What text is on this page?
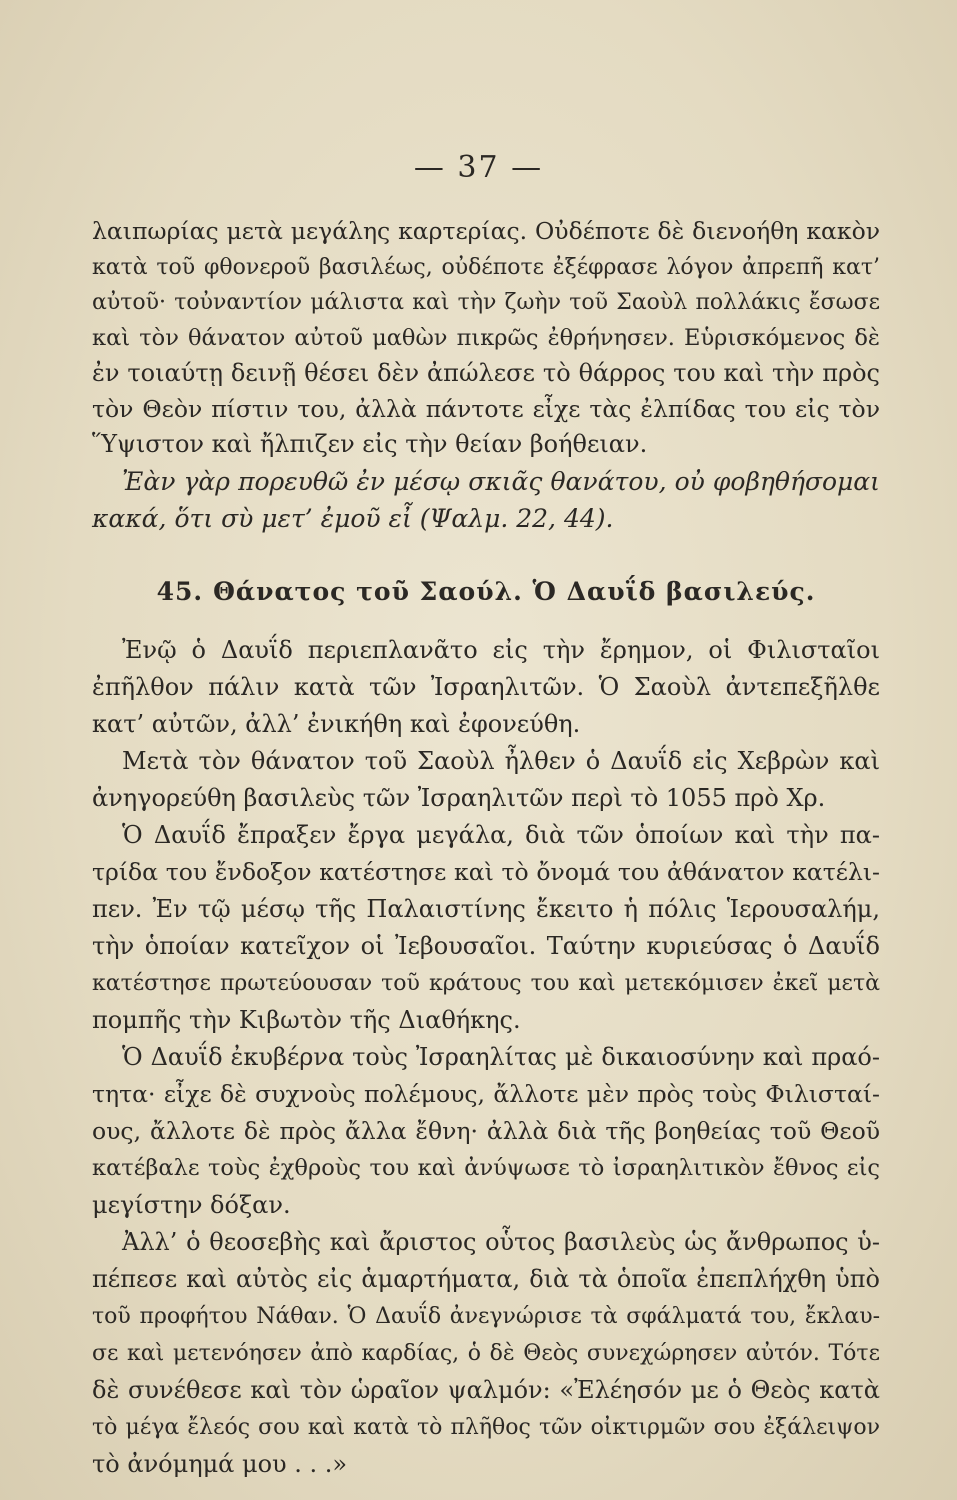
— 37 —

λαιπωρίας μετὰ μεγάλης καρτερίας. Οὐδέποτε δὲ διενοήθη κακὸν
κατὰ τοῦ φθονεροῦ βασιλέως, οὐδέποτε ἐξέφρασε λόγον ἀπρεπῆ κατ’
αὐτοῦ· τοὐναντίον μάλιστα καὶ τὴν ζωὴν τοῦ Σαοὺλ πολλάκις ἔσωσε
καὶ τὸν θάνατον αὐτοῦ μαθὼν πικρῶς ἐθρήνησεν. Εὑρισκόμενος δὲ
ἐν τοιαύτῃ δεινῇ θέσει δὲν ἀπώλεσε τὸ θάρρος του καὶ τὴν πρὸς
τὸν Θεὸν πίστιν του, ἀλλὰ πάντοτε εἶχε τὰς ἐλπίδας του εἰς τὸν
Ὕψιστον καὶ ἤλπιζεν εἰς τὴν θείαν βοήθειαν.

Ἐὰν γὰρ πορευθῶ ἐν μέσῳ σκιᾶς θανάτου, οὐ φοβηθήσομαι
κακά, ὅτι σὺ μετ’ ἐμοῦ εἶ (Ψαλμ. 22, 44).

45. Θάνατος τοῦ Σαούλ. Ὁ Δαυΐδ βασιλεύς.

Ἐνῷ ὁ Δαυΐδ περιεπλανᾶτο εἰς τὴν ἔρημον, οἱ Φιλισταῖοι
ἐπῆλθον πάλιν κατὰ τῶν Ἰσραηλιτῶν. Ὁ Σαοὺλ ἀντεπεξῆλθε
κατ’ αὐτῶν, ἀλλ’ ἐνικήθη καὶ ἐφονεύθη.

Μετὰ τὸν θάνατον τοῦ Σαοὺλ ἦλθεν ὁ Δαυΐδ εἰς Χεβρὼν καὶ
ἀνηγορεύθη βασιλεὺς τῶν Ἰσραηλιτῶν περὶ τὸ 1055 πρὸ Χρ.

Ὁ Δαυΐδ ἔπραξεν ἔργα μεγάλα, διὰ τῶν ὁποίων καὶ τὴν πα-
τρίδα του ἔνδοξον κατέστησε καὶ τὸ ὄνομά του ἀθάνατον κατέλι-
πεν. Ἐν τῷ μέσῳ τῆς Παλαιστίνης ἔκειτο ἡ πόλις Ἱερουσαλήμ,
τὴν ὁποίαν κατεῖχον οἱ Ἰεβουσαῖοι. Ταύτην κυριεύσας ὁ Δαυΐδ
κατέστησε πρωτεύουσαν τοῦ κράτους του καὶ μετεκόμισεν ἐκεῖ μετὰ
πομπῆς τὴν Κιβωτὸν τῆς Διαθήκης.

Ὁ Δαυΐδ ἐκυβέρνα τοὺς Ἰσραηλίτας μὲ δικαιοσύνην καὶ πραό-
τητα· εἶχε δὲ συχνοὺς πολέμους, ἄλλοτε μὲν πρὸς τοὺς Φιλισταί-
ους, ἄλλοτε δὲ πρὸς ἄλλα ἔθνη· ἀλλὰ διὰ τῆς βοηθείας τοῦ Θεοῦ
κατέβαλε τοὺς ἐχθροὺς του καὶ ἀνύψωσε τὸ ἰσραηλιτικὸν ἔθνος εἰς
μεγίστην δόξαν.

Ἀλλ’ ὁ θεοσεβὴς καὶ ἄριστος οὗτος βασιλεὺς ὡς ἄνθρωπος ὑ-
πέπεσε καὶ αὐτὸς εἰς ἁμαρτήματα, διὰ τὰ ὁποῖα ἐπεπλήχθη ὑπὸ
τοῦ προφήτου Νάθαν. Ὁ Δαυΐδ ἀνεγνώρισε τὰ σφάλματά του, ἔκλαυ-
σε καὶ μετενόησεν ἀπὸ καρδίας, ὁ δὲ Θεὸς συνεχώρησεν αὐτόν. Τότε
δὲ συνέθεσε καὶ τὸν ὡραῖον ψαλμόν: «Ἐλέησόν με ὁ Θεὸς κατὰ
τὸ μέγα ἔλεός σου καὶ κατὰ τὸ πλῆθος τῶν οἰκτιρμῶν σου ἐξάλειψον
τὸ ἀνόμημά μου . . .»
